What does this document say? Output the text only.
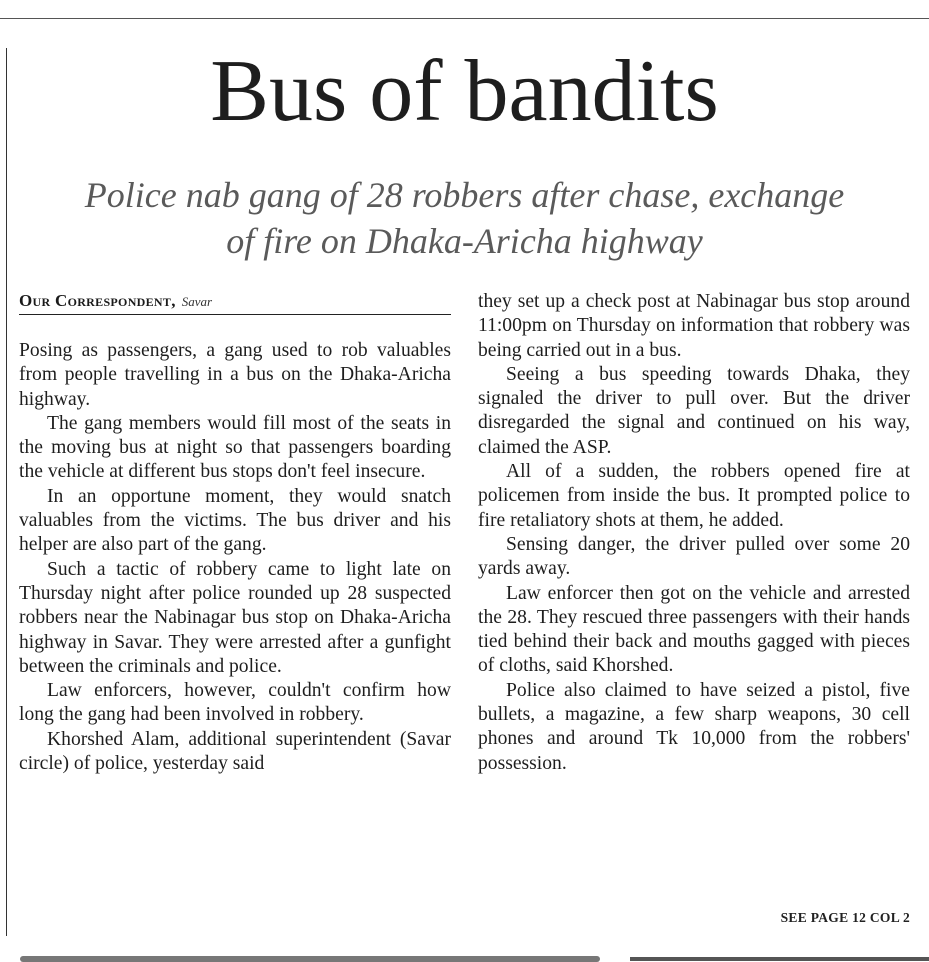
Bus of bandits
Police nab gang of 28 robbers after chase, exchange
of fire on Dhaka-Aricha highway
Our Correspondent, Savar

Posing as passengers, a gang used to rob valuables from people travelling in a bus on the Dhaka-Aricha highway.

The gang members would fill most of the seats in the moving bus at night so that passengers boarding the vehicle at different bus stops don't feel insecure.

In an opportune moment, they would snatch valuables from the victims. The bus driver and his helper are also part of the gang.

Such a tactic of robbery came to light late on Thursday night after police rounded up 28 suspected robbers near the Nabinagar bus stop on Dhaka-Aricha highway in Savar. They were arrested after a gunfight between the criminals and police.

Law enforcers, however, couldn't confirm how long the gang had been involved in robbery.

Khorshed Alam, additional superintendent (Savar circle) of police, yesterday said

they set up a check post at Nabinagar bus stop around 11:00pm on Thursday on information that robbery was being carried out in a bus.

Seeing a bus speeding towards Dhaka, they signaled the driver to pull over. But the driver disregarded the signal and continued on his way, claimed the ASP.

All of a sudden, the robbers opened fire at policemen from inside the bus. It prompted police to fire retaliatory shots at them, he added.

Sensing danger, the driver pulled over some 20 yards away.

Law enforcer then got on the vehicle and arrested the 28. They rescued three passengers with their hands tied behind their back and mouths gagged with pieces of cloths, said Khorshed.

Police also claimed to have seized a pistol, five bullets, a magazine, a few sharp weapons, 30 cell phones and around Tk 10,000 from the robbers' possession.

SEE PAGE 12 COL 2
